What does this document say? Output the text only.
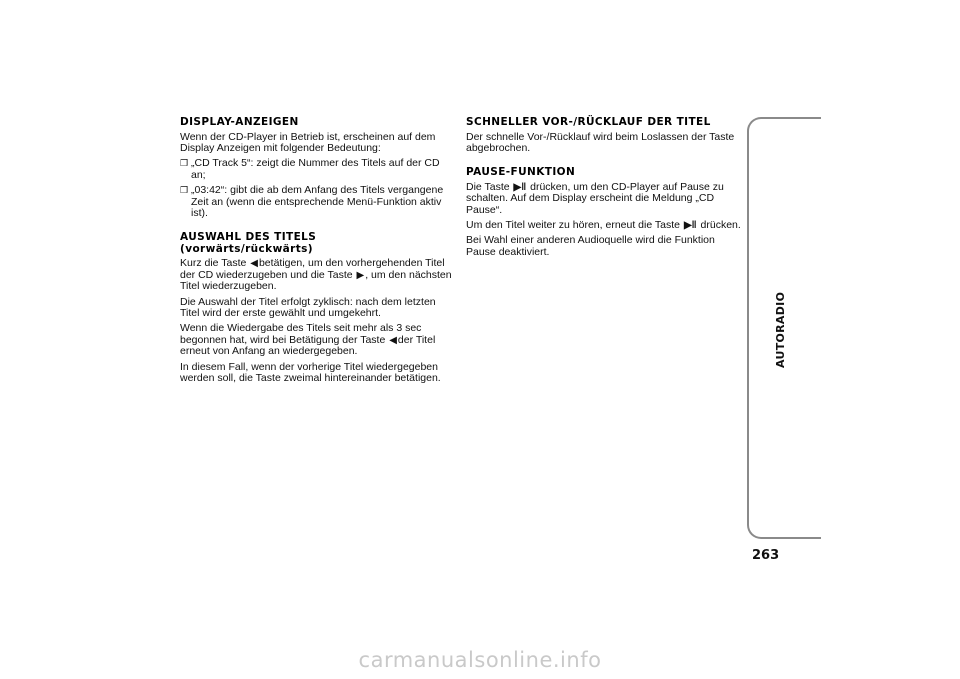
DISPLAY-ANZEIGEN

Wenn der CD-Player in Betrieb ist, erscheinen auf dem Display Anzeigen mit folgender Bedeutung:

❒ „CD Track 5“: zeigt die Nummer des Titels auf der CD an;
❒ „03:42“: gibt die ab dem Anfang des Titels vergangene Zeit an (wenn die entsprechende Menü-Funktion aktiv ist).
AUSWAHL DES TITELS
(vorwärts/rückwärts)

Kurz die Taste ◀betätigen, um den vorhergehenden Titel der CD wiederzugeben und die Taste ▶, um den nächsten Titel wiederzugeben.

Die Auswahl der Titel erfolgt zyklisch: nach dem letzten Titel wird der erste gewählt und umgekehrt.

Wenn die Wiedergabe des Titels seit mehr als 3 sec begonnen hat, wird bei Betätigung der Taste ◀der Titel erneut von Anfang an wiedergegeben.

In diesem Fall, wenn der vorherige Titel wiedergegeben werden soll, die Taste zweimal hintereinander betätigen.

SCHNELLER VOR-/RÜCKLAUF DER TITEL

Der schnelle Vor-/Rücklauf wird beim Loslassen der Taste abgebrochen.

PAUSE-FUNKTION

Die Taste ▶‖ drücken, um den CD-Player auf Pause zu schalten. Auf dem Display erscheint die Meldung „CD Pause“.

Um den Titel weiter zu hören, erneut die Taste ▶‖ drücken.

Bei Wahl einer anderen Audioquelle wird die Funktion Pause deaktiviert.

AUTORADIO
263
carmanualsonline.info
